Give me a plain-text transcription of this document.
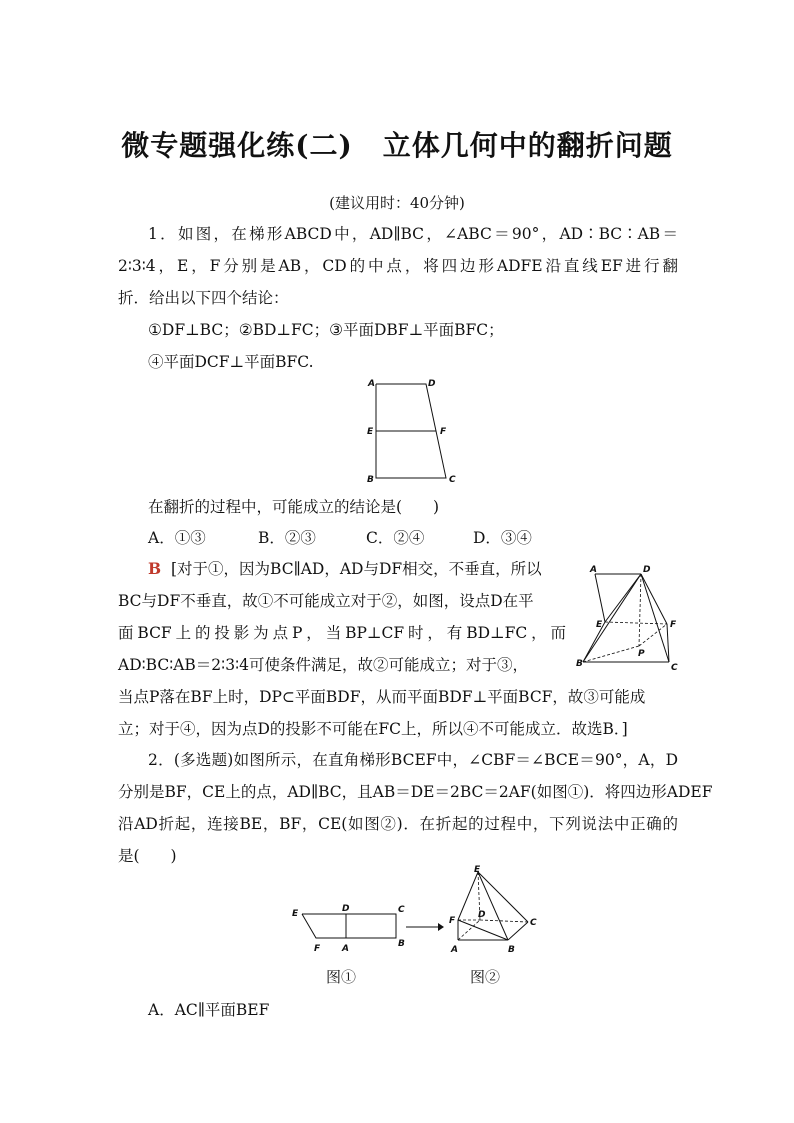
微专题强化练(二) 立体几何中的翻折问题
(建议用时：40分钟)
1．如图，在梯形ABCD中，AD∥BC，∠ABC＝90°，AD∶BC∶AB＝
2∶3∶4，E，F分别是AB，CD的中点，将四边形ADFE沿直线EF进行翻
折．给出以下四个结论：
①DF⊥BC；②BD⊥FC；③平面DBF⊥平面BFC；
④平面DCF⊥平面BFC.
A	D
E	F
B	C
在翻折的过程中，可能成立的结论是(　　)
A．①③	B．②③	C．②④	D．③④
B [对于①，因为BC∥AD，AD与DF相交，不垂直，所以
BC与DF不垂直，故①不可能成立对于②，如图，设点D在平
面BCF上的投影为点P，当BP⊥CF时，有BD⊥FC，而
AD∶BC∶AB＝2∶3∶4可使条件满足，故②可能成立；对于③，
当点P落在BF上时，DP⊂平面BDF，从而平面BDF⊥平面BCF，故③可能成
立；对于④，因为点D的投影不可能在FC上，所以④不可能成立．故选B．]
A	D
E	F
P
B	C
2．(多选题)如图所示，在直角梯形BCEF中，∠CBF＝∠BCE＝90°，A，D
分别是BF，CE上的点，AD∥BC，且AB＝DE＝2BC＝2AF(如图①)．将四边形ADEF
沿AD折起，连接BE，BF，CE(如图②)．在折起的过程中，下列说法中正确的
是(　　)
E	D	C
F A	B
E
F
D
C
A	B
图①	图②
A．AC∥平面BEF
